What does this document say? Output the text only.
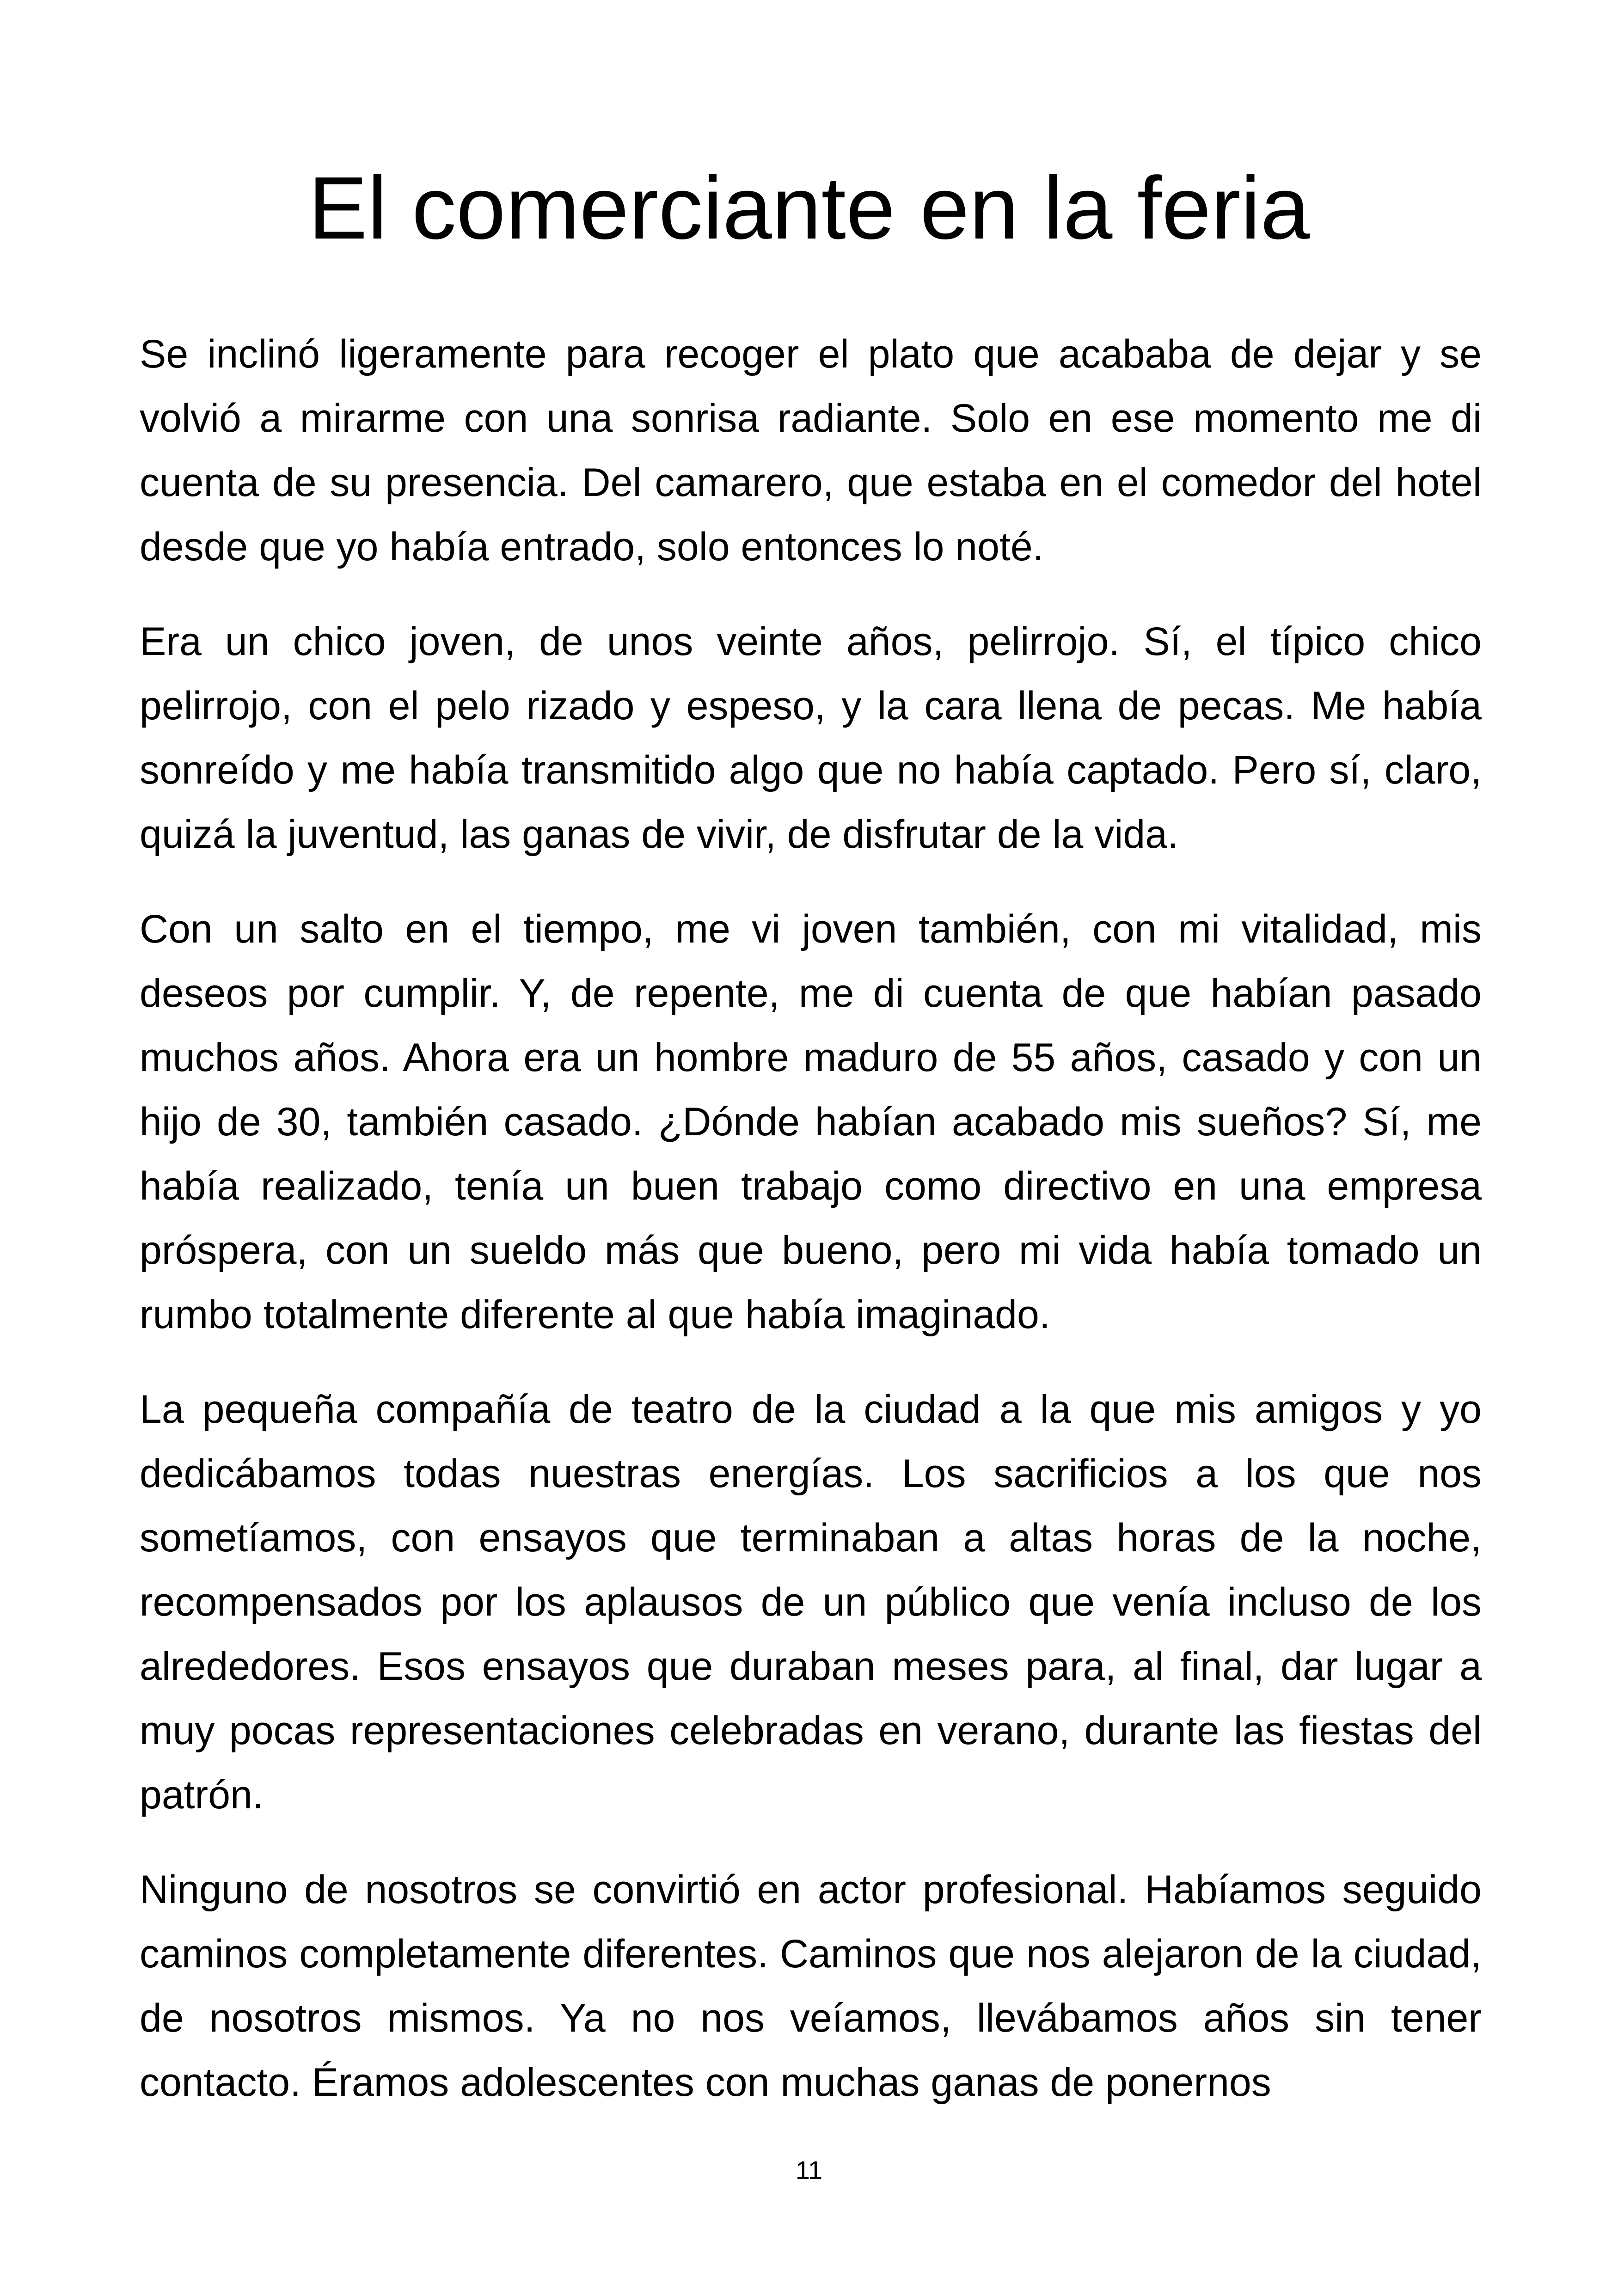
El comerciante en la feria

Se inclinó ligeramente para recoger el plato que acababa de dejar y se volvió a mirarme con una sonrisa radiante. Solo en ese momento me di cuenta de su presencia. Del camarero, que estaba en el comedor del hotel desde que yo había entrado, solo entonces lo noté.

Era un chico joven, de unos veinte años, pelirrojo. Sí, el típico chico pelirrojo, con el pelo rizado y espeso, y la cara llena de pecas. Me había sonreído y me había transmitido algo que no había captado. Pero sí, claro, quizá la juventud, las ganas de vivir, de disfrutar de la vida.

Con un salto en el tiempo, me vi joven también, con mi vitalidad, mis deseos por cumplir. Y, de repente, me di cuenta de que habían pasado muchos años. Ahora era un hombre maduro de 55 años, casado y con un hijo de 30, también casado. ¿Dónde habían acabado mis sueños? Sí, me había realizado, tenía un buen trabajo como directivo en una empresa próspera, con un sueldo más que bueno, pero mi vida había tomado un rumbo totalmente diferente al que había imaginado.

La pequeña compañía de teatro de la ciudad a la que mis amigos y yo dedicábamos todas nuestras energías. Los sacrificios a los que nos sometíamos, con ensayos que terminaban a altas horas de la noche, recompensados por los aplausos de un público que venía incluso de los alrededores. Esos ensayos que duraban meses para, al final, dar lugar a muy pocas representaciones celebradas en verano, durante las fiestas del patrón.

Ninguno de nosotros se convirtió en actor profesional. Habíamos seguido caminos completamente diferentes. Caminos que nos alejaron de la ciudad, de nosotros mismos. Ya no nos veíamos, llevábamos años sin tener contacto. Éramos adolescentes con muchas ganas de ponernos

11
